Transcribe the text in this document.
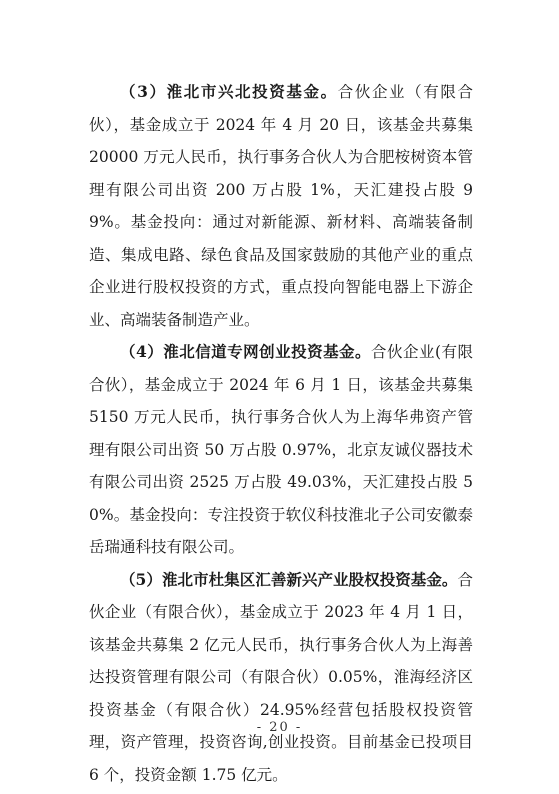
（3）淮北市兴北投资基金。合伙企业（有限合伙），基金成立于 2024 年 4 月 20 日，该基金共募集 20000 万元人民币，执行事务合伙人为合肥桉树资本管理有限公司出资 200 万占股 1%，天汇建投占股 99%。基金投向：通过对新能源、新材料、高端装备制造、集成电路、绿色食品及国家鼓励的其他产业的重点企业进行股权投资的方式，重点投向智能电器上下游企业、高端装备制造产业。

（4）淮北信道专网创业投资基金。合伙企业(有限合伙），基金成立于 2024 年 6 月 1 日，该基金共募集 5150 万元人民币，执行事务合伙人为上海华弗资产管理有限公司出资 50 万占股 0.97%，北京友诚仪器技术有限公司出资 2525 万占股 49.03%，天汇建投占股 50%。基金投向：专注投资于软仪科技淮北子公司安徽泰岳瑞通科技有限公司。

（5）淮北市杜集区汇善新兴产业股权投资基金。合伙企业（有限合伙），基金成立于 2023 年 4 月 1 日，该基金共募集 2 亿元人民币，执行事务合伙人为上海善达投资管理有限公司（有限合伙）0.05%，淮海经济区投资基金（有限合伙）24.95%经营包括股权投资管理，资产管理，投资咨询,创业投资。目前基金已投项目 6 个，投资金额 1.75 亿元。

- 20 -
